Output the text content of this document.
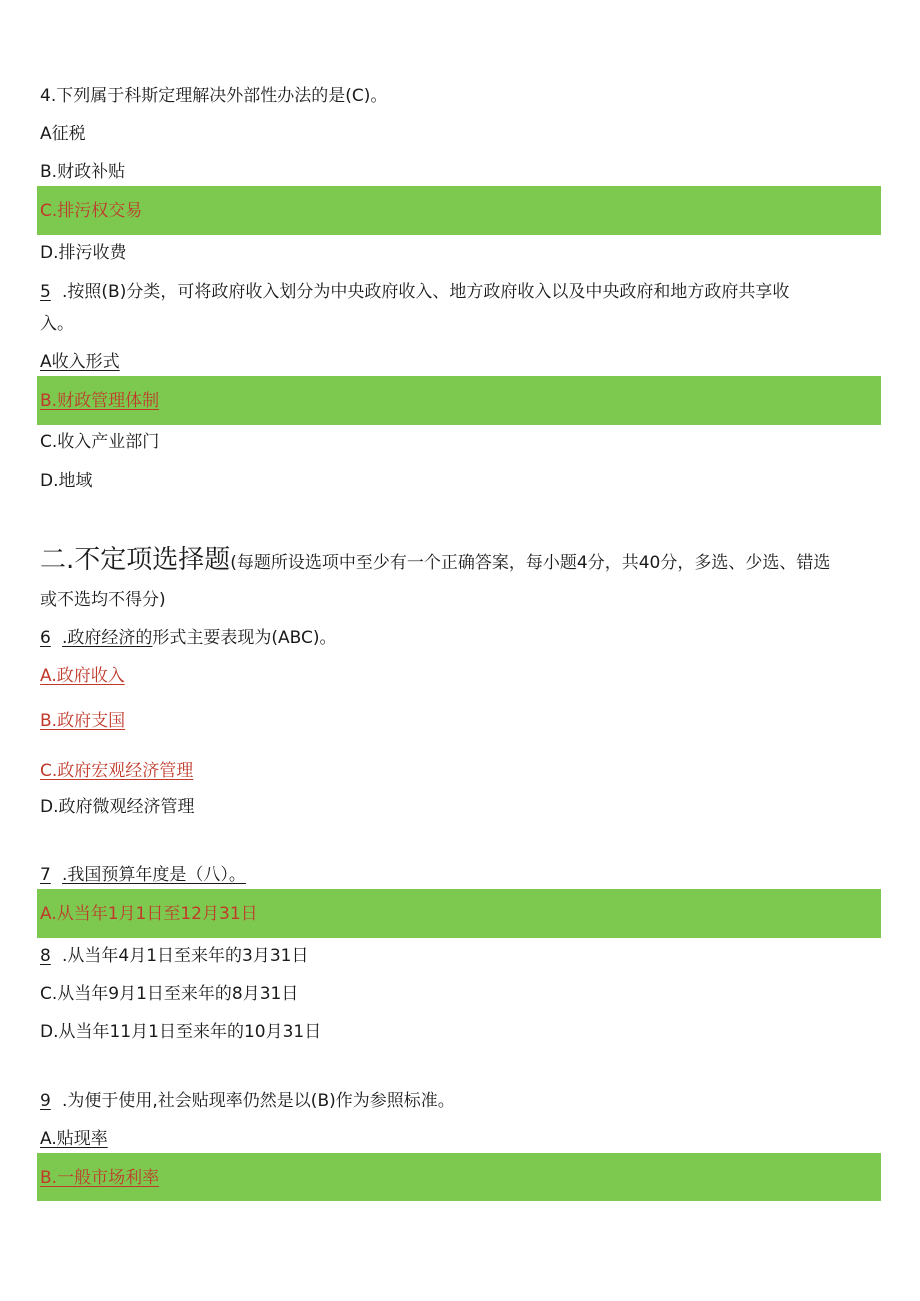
4.下列属于科斯定理解决外部性办法的是(C)。
A征税
B.财政补贴
C.排污权交易
D.排污收费
5 .按照(B)分类，可将政府收入划分为中央政府收入、地方政府收入以及中央政府和地方政府共享收
入。
A收入形式
B.财政管理体制
C.收入产业部门
D.地域
二.不定项选择题(每题所设选项中至少有一个正确答案，每小题4分，共40分，多选、少选、错选
或不选均不得分)
6 .政府经济的形式主要表现为(ABC)。
A.政府收入
B.政府支国
C.政府宏观经济管理
D.政府微观经济管理
7 .我国预算年度是（八）。
A.从当年1月1日至12月31日
8 .从当年4月1日至来年的3月31日
C.从当年9月1日至来年的8月31日
D.从当年11月1日至来年的10月31日
9 .为便于使用,社会贴现率仍然是以(B)作为参照标准。
A.贴现率
B.一般市场利率
